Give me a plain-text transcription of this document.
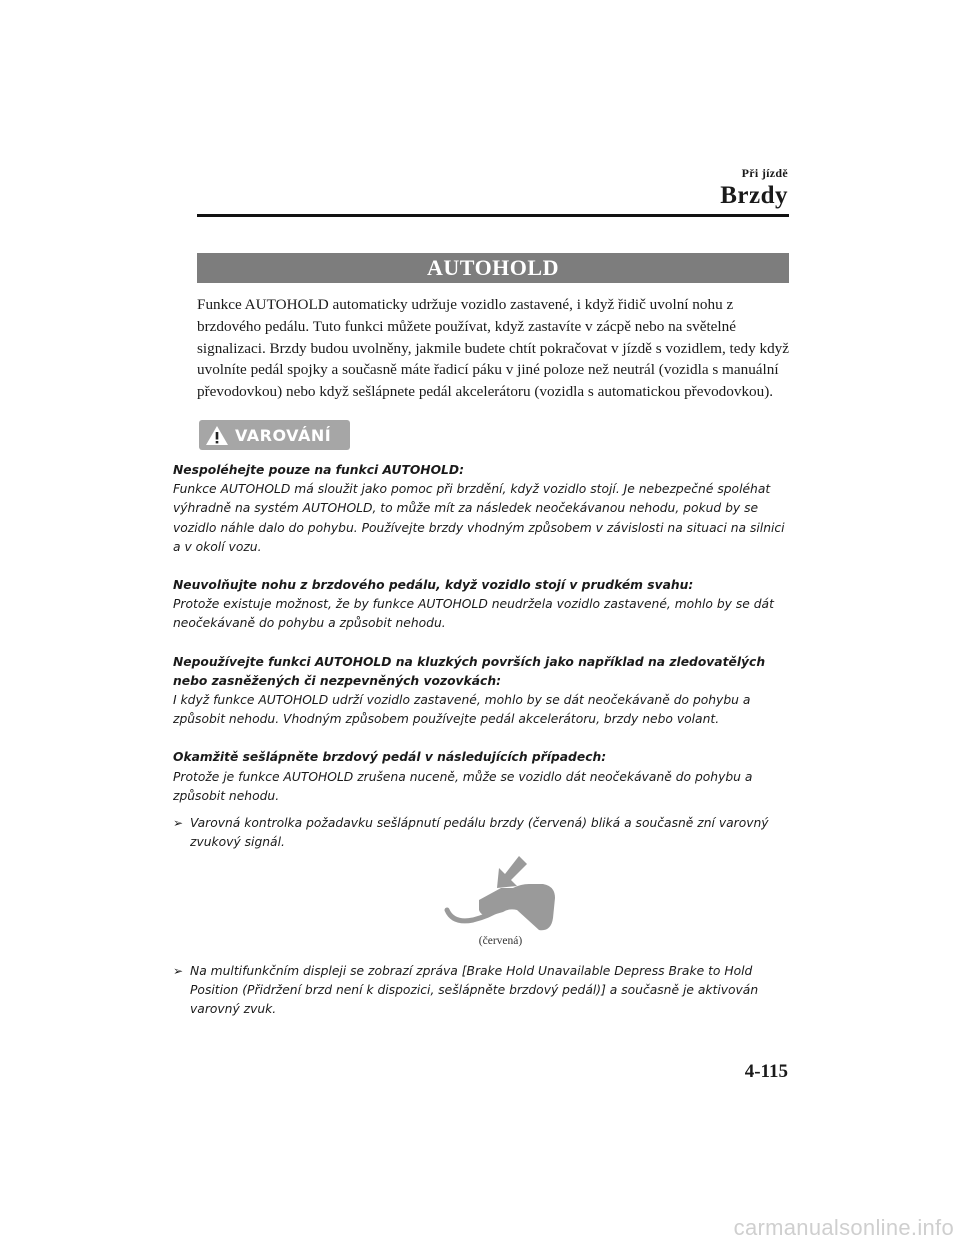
Při jízdě
Brzdy
AUTOHOLD
Funkce AUTOHOLD automaticky udržuje vozidlo zastavené, i když řidič uvolní nohu z brzdového pedálu. Tuto funkci můžete používat, když zastavíte v zácpě nebo na světelné signalizaci. Brzdy budou uvolněny, jakmile budete chtít pokračovat v jízdě s vozidlem, tedy když uvolníte pedál spojky a současně máte řadicí páku v jiné poloze než neutrál (vozidla s manuální převodovkou) nebo když sešlápnete pedál akcelerátoru (vozidla s automatickou převodovkou).
VAROVÁNÍ
Nespoléhejte pouze na funkci AUTOHOLD:
Funkce AUTOHOLD má sloužit jako pomoc při brzdění, když vozidlo stojí. Je nebezpečné spoléhat výhradně na systém AUTOHOLD, to může mít za následek neočekávanou nehodu, pokud by se vozidlo náhle dalo do pohybu. Používejte brzdy vhodným způsobem v závislosti na situaci na silnici a v okolí vozu.
Neuvolňujte nohu z brzdového pedálu, když vozidlo stojí v prudkém svahu:
Protože existuje možnost, že by funkce AUTOHOLD neudržela vozidlo zastavené, mohlo by se dát neočekávaně do pohybu a způsobit nehodu.
Nepoužívejte funkci AUTOHOLD na kluzkých površích jako například na zledovatělých nebo zasněžených či nezpevněných vozovkách:
I když funkce AUTOHOLD udrží vozidlo zastavené, mohlo by se dát neočekávaně do pohybu a způsobit nehodu. Vhodným způsobem používejte pedál akcelerátoru, brzdy nebo volant.
Okamžitě sešlápněte brzdový pedál v následujících případech:
Protože je funkce AUTOHOLD zrušena nuceně, může se vozidlo dát neočekávaně do pohybu a způsobit nehodu.
➢ Varovná kontrolka požadavku sešlápnutí pedálu brzdy (červená) bliká a současně zní varovný zvukový signál.
(červená)
➢ Na multifunkčním displeji se zobrazí zpráva [Brake Hold Unavailable Depress Brake to Hold Position (Přidržení brzd není k dispozici, sešlápněte brzdový pedál)] a současně je aktivován varovný zvuk.
4-115
carmanualsonline.info
